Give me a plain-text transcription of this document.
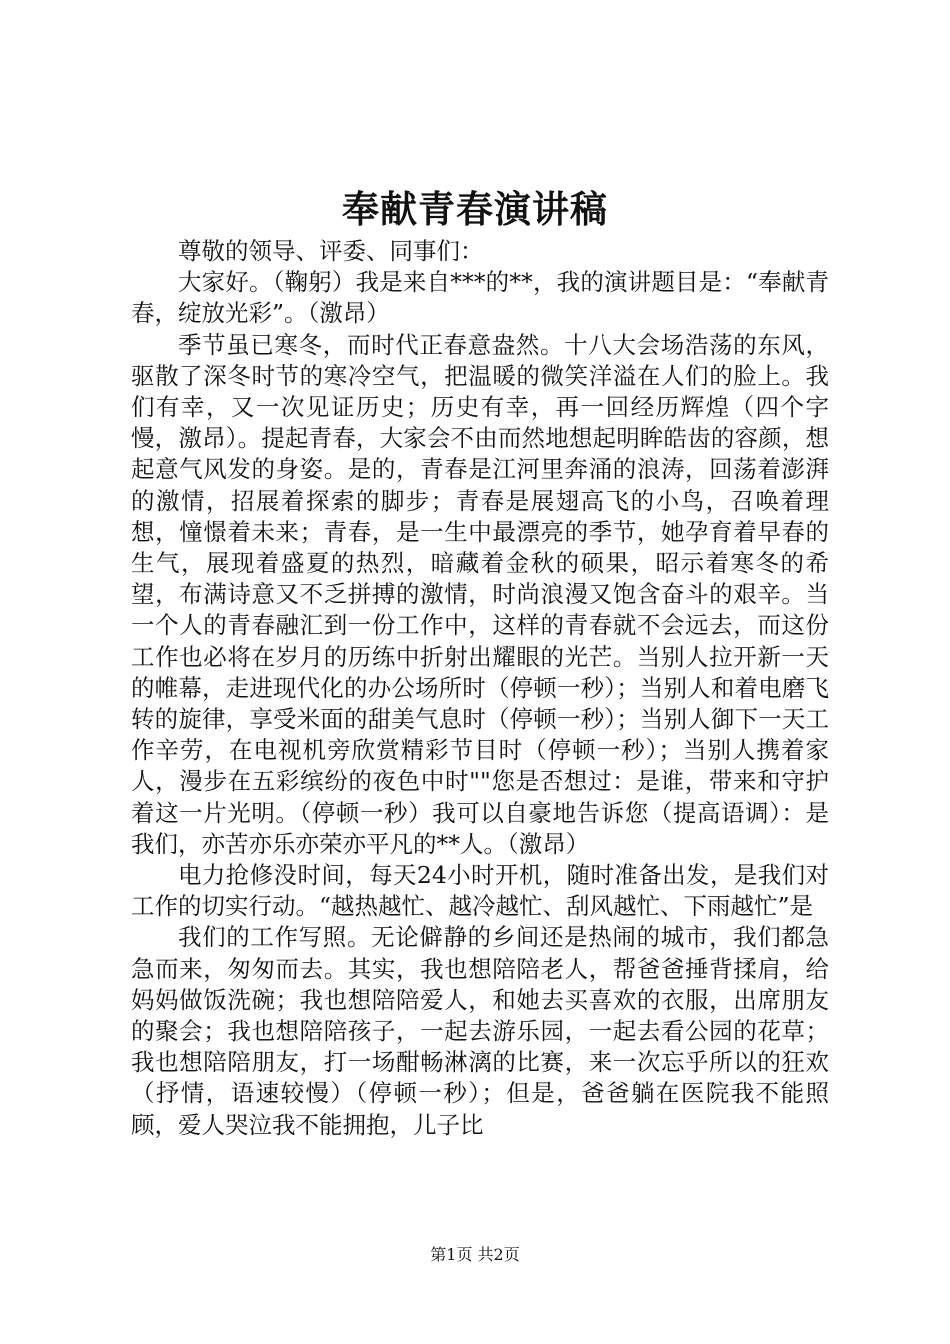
奉献青春演讲稿

尊敬的领导、评委、同事们：

大家好。（鞠躬）我是来自***的**，我的演讲题目是：“奉献青春，绽放光彩”。（激昂）

季节虽已寒冬，而时代正春意盎然。十八大会场浩荡的东风，驱散了深冬时节的寒冷空气，把温暖的微笑洋溢在人们的脸上。我们有幸，又一次见证历史；历史有幸，再一回经历辉煌（四个字慢，激昂）。提起青春，大家会不由而然地想起明眸皓齿的容颜，想起意气风发的身姿。是的，青春是江河里奔涌的浪涛，回荡着澎湃的激情，招展着探索的脚步；青春是展翅高飞的小鸟，召唤着理想，憧憬着未来；青春，是一生中最漂亮的季节，她孕育着早春的生气，展现着盛夏的热烈，暗藏着金秋的硕果，昭示着寒冬的希望，布满诗意又不乏拼搏的激情，时尚浪漫又饱含奋斗的艰辛。当一个人的青春融汇到一份工作中，这样的青春就不会远去，而这份工作也必将在岁月的历练中折射出耀眼的光芒。当别人拉开新一天的帷幕，走进现代化的办公场所时（停顿一秒）；当别人和着电磨飞转的旋律，享受米面的甜美气息时（停顿一秒）；当别人御下一天工作辛劳，在电视机旁欣赏精彩节目时（停顿一秒）；当别人携着家人，漫步在五彩缤纷的夜色中时""您是否想过：是谁，带来和守护着这一片光明。（停顿一秒）我可以自豪地告诉您（提高语调）：是我们，亦苦亦乐亦荣亦平凡的**人。（激昂）

电力抢修没时间，每天24小时开机，随时准备出发，是我们对工作的切实行动。“越热越忙、越冷越忙、刮风越忙、下雨越忙”是

我们的工作写照。无论僻静的乡间还是热闹的城市，我们都急急而来，匆匆而去。其实，我也想陪陪老人，帮爸爸捶背揉肩，给妈妈做饭洗碗；我也想陪陪爱人，和她去买喜欢的衣服，出席朋友的聚会；我也想陪陪孩子，一起去游乐园，一起去看公园的花草；我也想陪陪朋友，打一场酣畅淋漓的比赛，来一次忘乎所以的狂欢（抒情，语速较慢）（停顿一秒）；但是，爸爸躺在医院我不能照顾，爱人哭泣我不能拥抱，儿子比

第1页 共2页
